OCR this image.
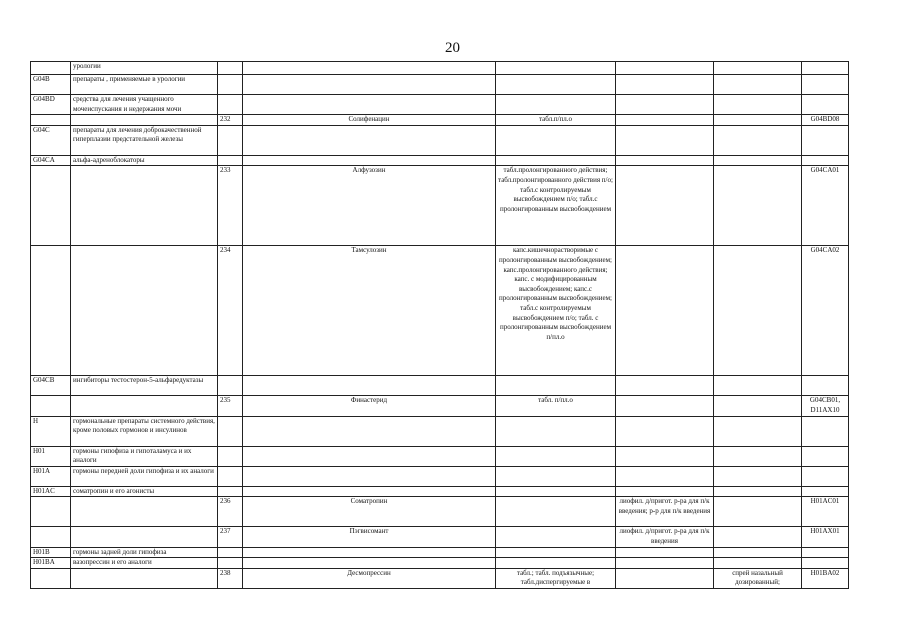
20
	урологии						
G04B	препараты , применяемые в урологии						
G04BD	средства для лечения учащенного мочеиспускания и недержания мочи						
		232	Солифенацин	табл.п/пл.о			G04BD08
G04C	препараты для лечения доброкачественной гиперплазии предстательной железы						
G04CA	альфа-адреноблокаторы						
		233	Алфузозин	табл.пролонгированного действия; табл.пролонгированного действия п/о; табл.с контролируемым высвобождением п/о; табл.с пролонгированным высвобождением			G04CA01
		234	Тамсулозин	капс.кишечнорастворимые с пролонгированным высвобождением; капс.пролонгированного действия; капс. с модифицированным высвобождением; капс.с пролонгированным высвобождением; табл.с контролируемым высвобождением п/о; табл. с пролонгированным высвобождением п/пл.о			G04CA02
G04CB	ингибиторы тестостерон-5-альфаредуктазы						
		235	Финастерид	табл. п/пл.о			G04CB01, D11AX10
H	гормональные препараты системного действия, кроме половых гормонов и инсулинов						
H01	гормоны гипофиза и гипоталамуса и их аналоги						
H01A	гормоны передней доли гипофиза и их аналоги						
H01AC	соматропин и его агонисты						
		236	Соматропин		лиофил. д/пригот. р-ра для п/к введения; р-р для п/к введения		H01AC01
		237	Пэгвисомант		лиофил. д/пригот. р-ра для п/к введения		H01AX01
H01B	гормоны задней доли гипофиза						
H01BA	вазопрессин и его аналоги						
		238	Десмопрессин	табл.; табл. подъязычные; табл.диспергируемые в		спрей назальный дозированный;	H01BA02
